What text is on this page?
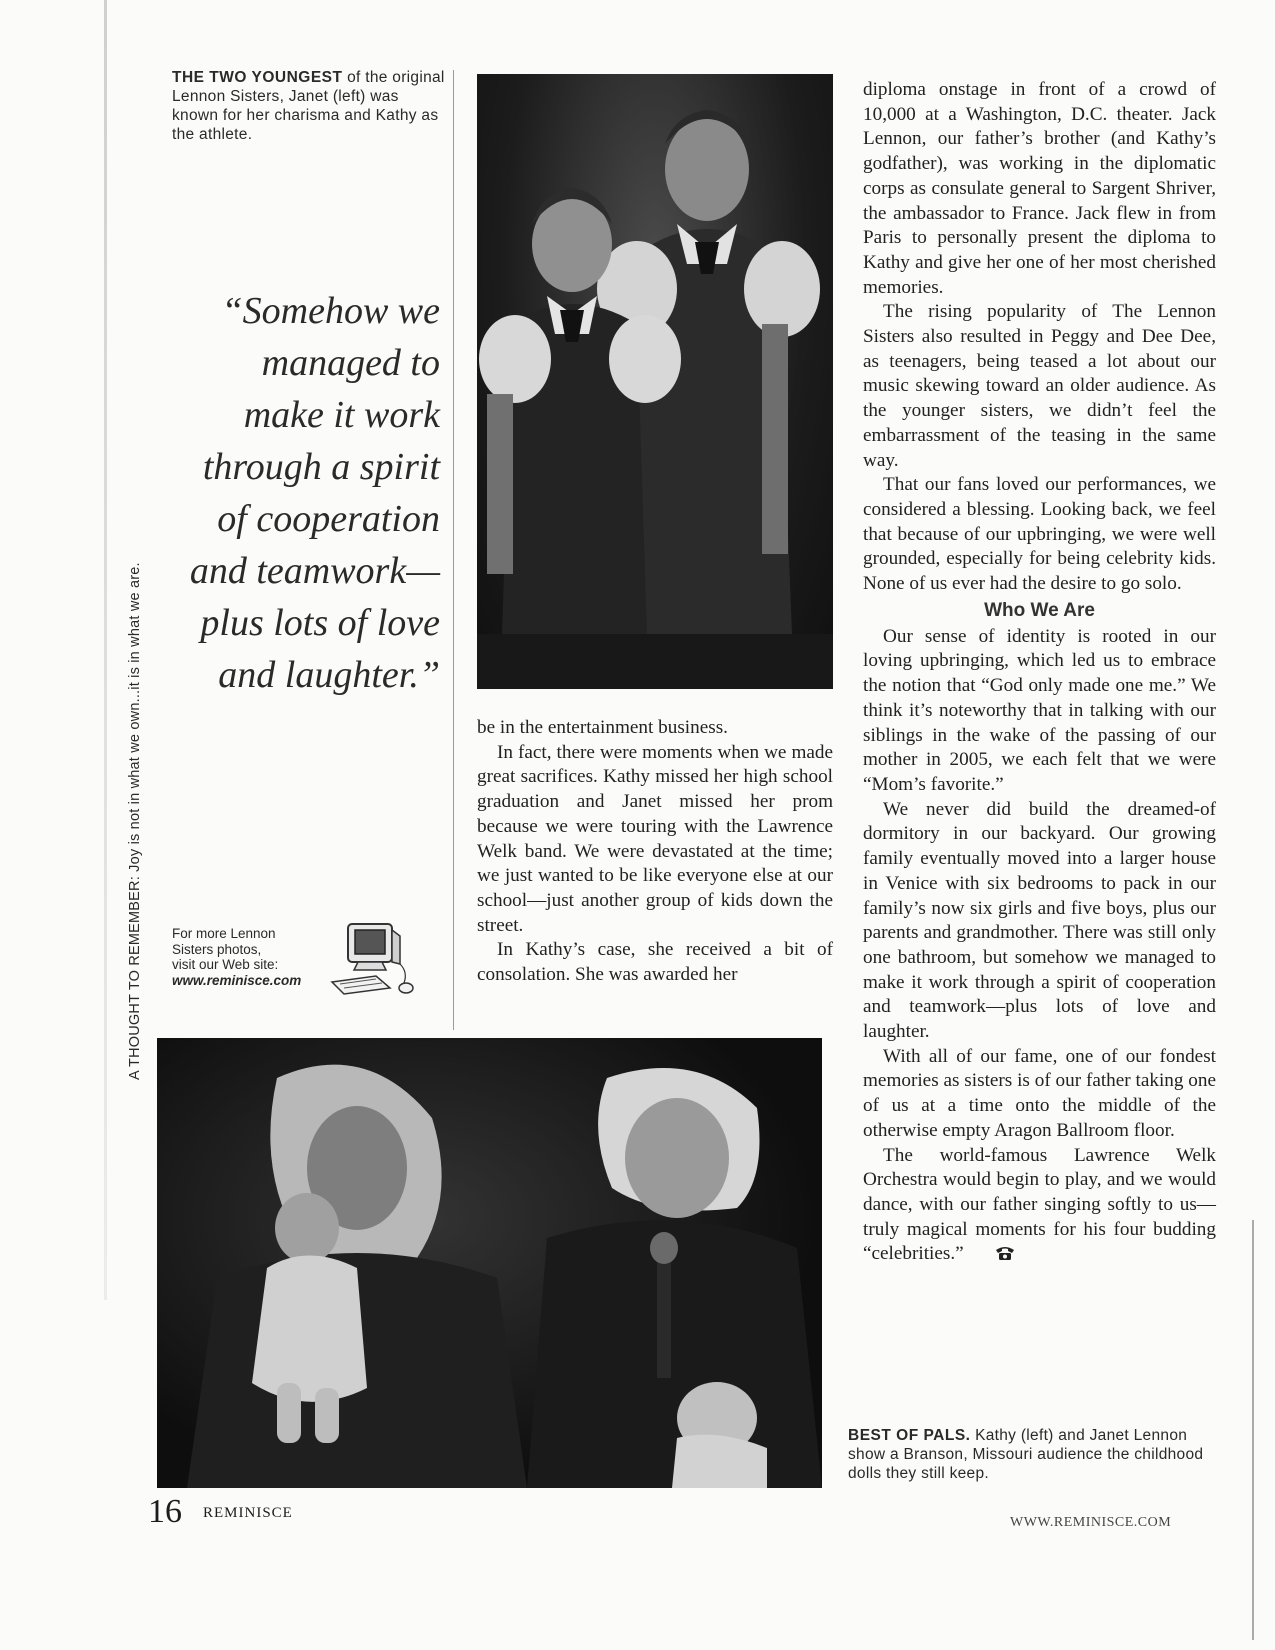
A THOUGHT TO REMEMBER: Joy is not in what we own...it is in what we are.
THE TWO YOUNGEST of the original Lennon Sisters, Janet (left) was known for her charisma and Kathy as the athlete.
“Somehow we
managed to
make it work
through a spirit
of cooperation
and teamwork—
plus lots of love
and laughter.”
For more Lennon
Sisters photos,
visit our Web site:
www.reminisce.com

be in the entertainment business.

In fact, there were moments when we made great sacrifices. Kathy missed her high school graduation and Janet missed her prom because we were touring with the Lawrence Welk band. We were devastated at the time; we just wanted to be like everyone else at our school—just another group of kids down the street.

In Kathy’s case, she received a bit of consolation. She was awarded her

diploma onstage in front of a crowd of 10,000 at a Washington, D.C. theater. Jack Lennon, our father’s brother (and Kathy’s godfather), was working in the diplomatic corps as consulate general to Sargent Shriver, the ambassador to France. Jack flew in from Paris to personally present the diploma to Kathy and give her one of her most cherished memories.

The rising popularity of The Lennon Sisters also resulted in Peggy and Dee Dee, as teenagers, being teased a lot about our music skewing toward an older audience. As the younger sisters, we didn’t feel the embarrassment of the teasing in the same way.

That our fans loved our performances, we considered a blessing. Looking back, we feel that because of our upbringing, we were well grounded, especially for being celebrity kids. None of us ever had the desire to go solo.

Who We Are

Our sense of identity is rooted in our loving upbringing, which led us to embrace the notion that “God only made one me.” We think it’s noteworthy that in talking with our siblings in the wake of the passing of our mother in 2005, we each felt that we were “Mom’s favorite.”

We never did build the dreamed-of dormitory in our backyard. Our growing family eventually moved into a larger house in Venice with six bedrooms to pack in our family’s now six girls and five boys, plus our parents and grandmother. There was still only one bathroom, but somehow we managed to make it work through a spirit of cooperation and teamwork—plus lots of love and laughter.

With all of our fame, one of our fondest memories as sisters is of our father taking one of us at a time onto the middle of the otherwise empty Aragon Ballroom floor.

The world-famous Lawrence Welk Orchestra would begin to play, and we would dance, with our father singing softly to us—truly magical moments for his four budding “celebrities.”

BEST OF PALS. Kathy (left) and Janet Lennon show a Branson, Missouri audience the childhood dolls they still keep.
16 REMINISCE
WWW.REMINISCE.COM
